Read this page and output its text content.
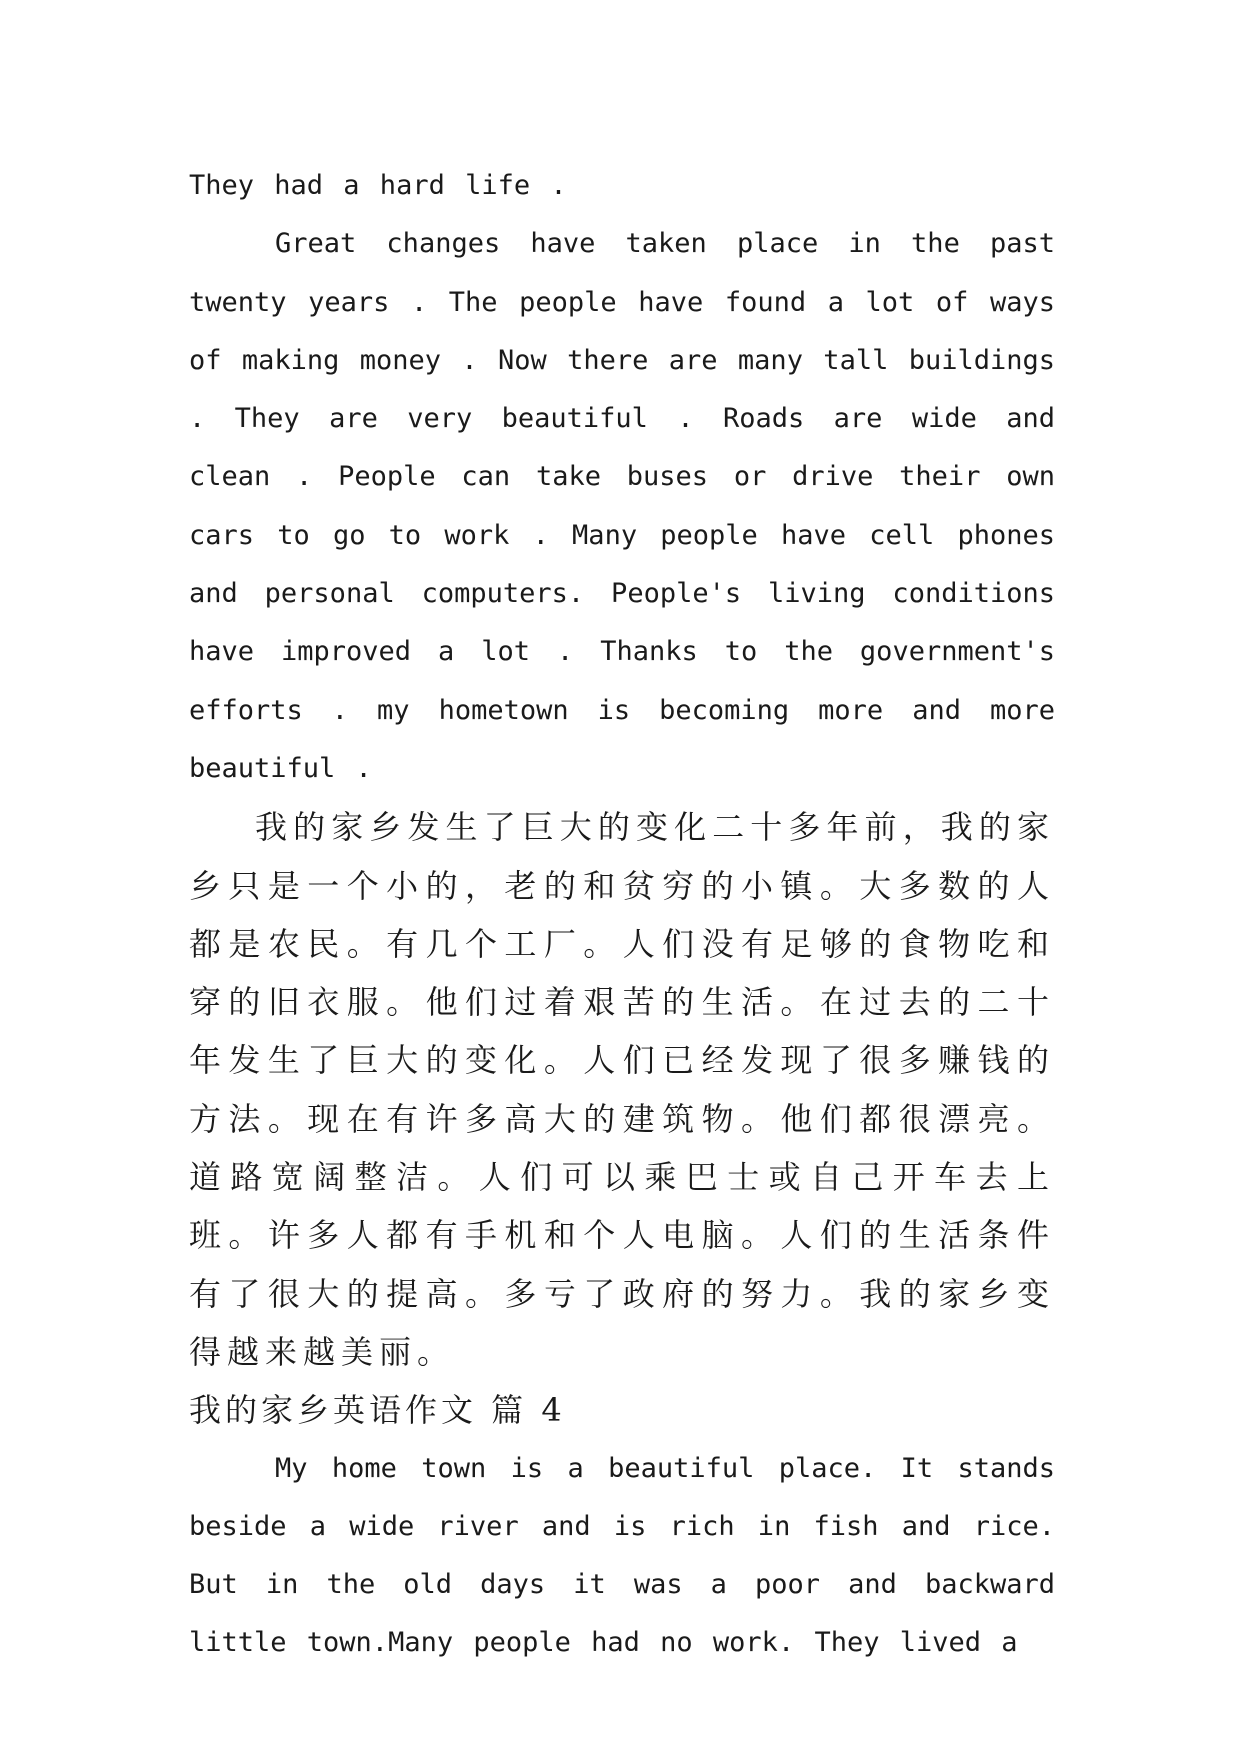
They had a hard life .

Great changes have taken place in the past twenty years . The people have found a lot of ways of making money . Now there are many tall buildings . They are very beautiful . Roads are wide and clean . People can take buses or drive their own cars to go to work . Many people have cell phones and personal computers. People's living conditions have improved a lot . Thanks to the government's efforts . my hometown is becoming more and more beautiful .

我的家乡发生了巨大的变化二十多年前，我的家乡只是一个小的，老的和贫穷的小镇。大多数的人都是农民。有几个工厂。人们没有足够的食物吃和穿的旧衣服。他们过着艰苦的生活。在过去的二十年发生了巨大的变化。人们已经发现了很多赚钱的方法。现在有许多高大的建筑物。他们都很漂亮。道路宽阔整洁。人们可以乘巴士或自己开车去上班。许多人都有手机和个人电脑。人们的生活条件有了很大的提高。多亏了政府的努力。我的家乡变得越来越美丽。

我的家乡英语作文 篇 4

My home town is a beautiful place. It stands beside a wide river and is rich in fish and rice. But in the old days it was a poor and backward little town.Many people had no work. They lived a
